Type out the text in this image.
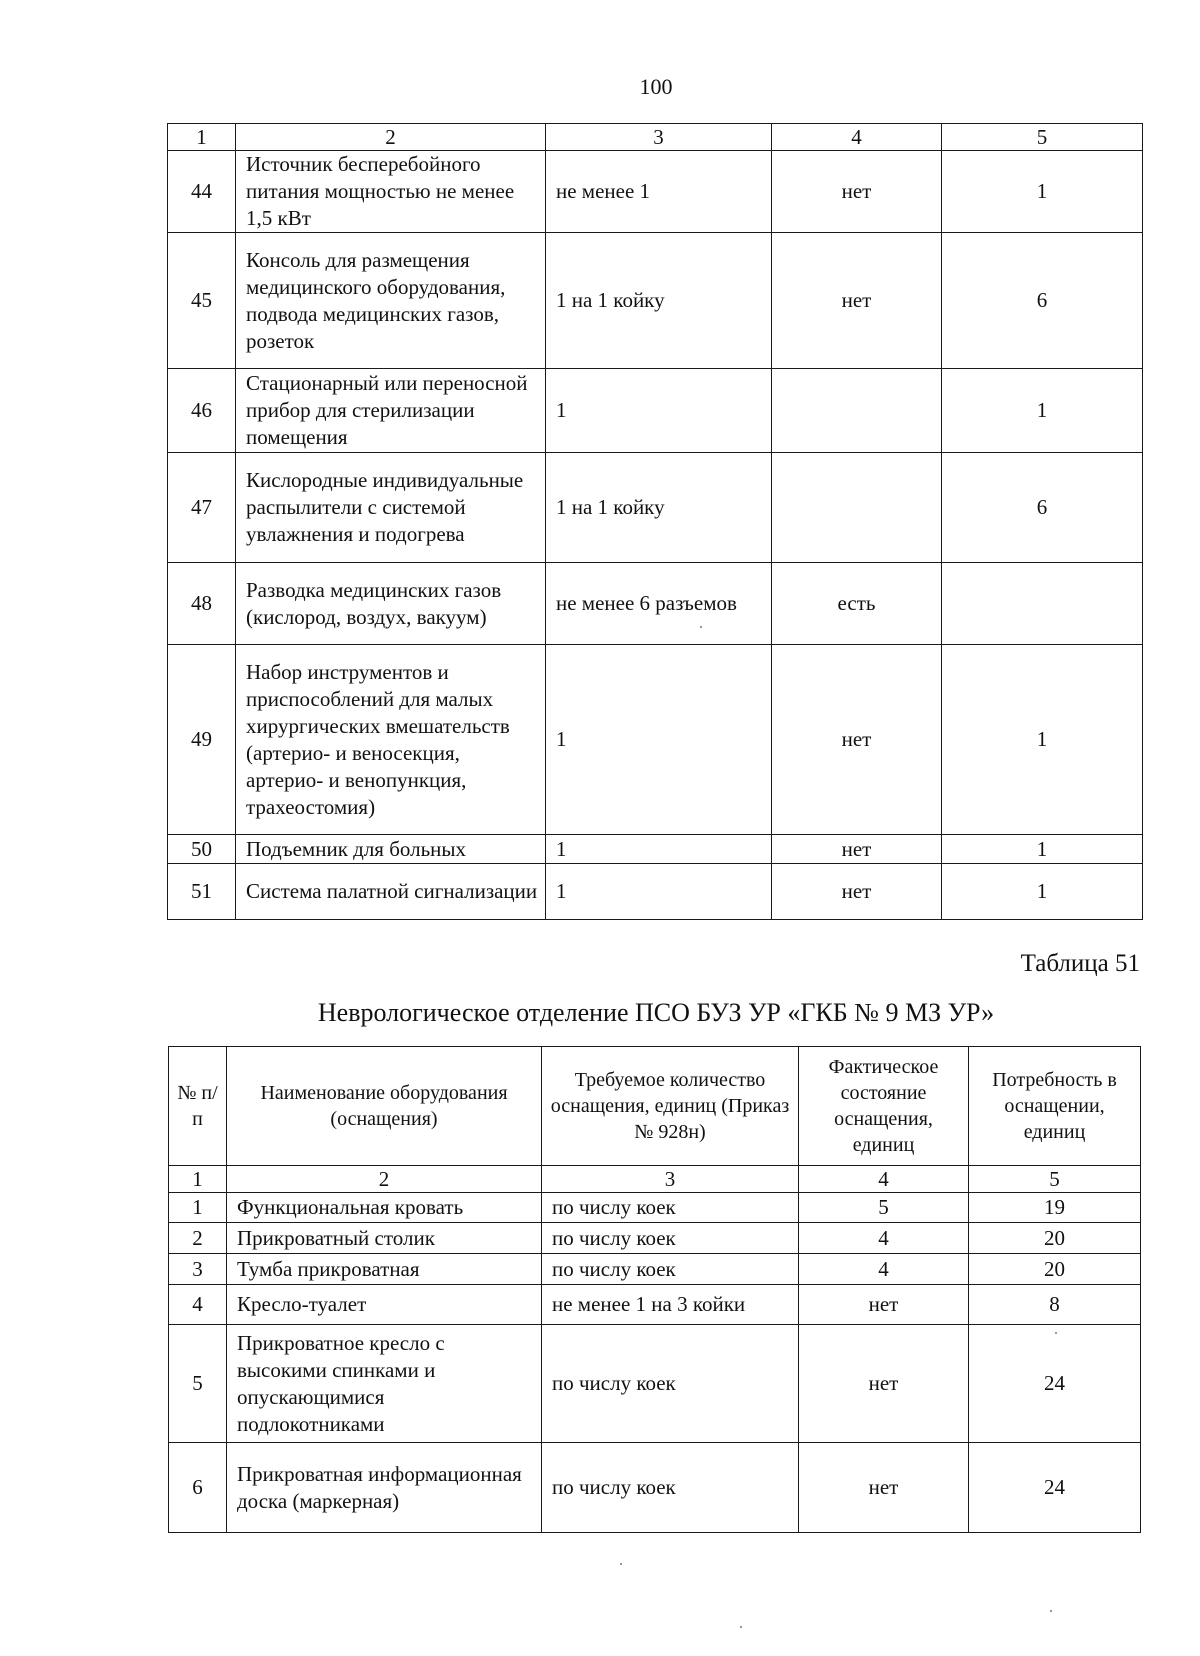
100
1	2	3	4	5
44	Источник бесперебойного питания мощностью не менее 1,5 кВт	не менее 1	нет	1
45	Консоль для размещения медицинского оборудования, подвода медицинских газов, розеток	1 на 1 койку	нет	6
46	Стационарный или переносной прибор для стерилизации помещения	1		1
47	Кислородные индивидуальные распылители с системой увлажнения и подогрева	1 на 1 койку		6
48	Разводка медицинских газов (кислород, воздух, вакуум)	не менее 6 разъемов	есть	
49	Набор инструментов и приспособлений для малых хирургических вмешательств (артерио- и веносекция, артерио- и венопункция, трахеостомия)	1	нет	1
50	Подъемник для больных	1	нет	1
51	Система палатной сигнализации	1	нет	1
Таблица 51
Неврологическое отделение ПСО БУЗ УР «ГКБ № 9 МЗ УР»
№ п/п	Наименование оборудования (оснащения)	Требуемое количество оснащения, единиц (Приказ № 928н)	Фактическое состояние оснащения, единиц	Потребность в оснащении, единиц
1	2	3	4	5
1	Функциональная кровать	по числу коек	5	19
2	Прикроватный столик	по числу коек	4	20
3	Тумба прикроватная	по числу коек	4	20
4	Кресло-туалет	не менее 1 на 3 койки	нет	8
5	Прикроватное кресло с высокими спинками и опускающимися подлокотниками	по числу коек	нет	24
6	Прикроватная информационная доска (маркерная)	по числу коек	нет	24
